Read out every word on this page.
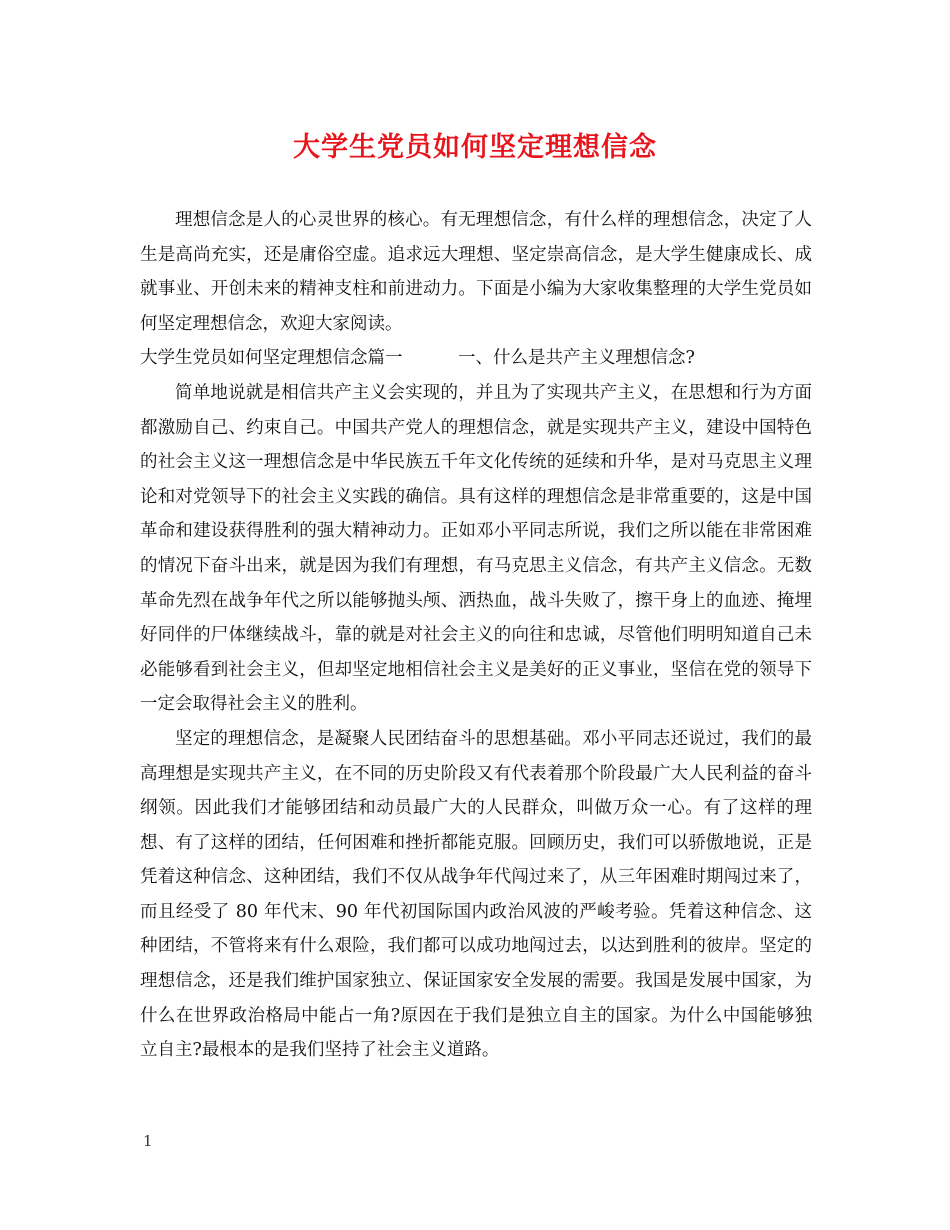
大学生党员如何坚定理想信念

理想信念是人的心灵世界的核心。有无理想信念，有什么样的理想信念，决定了人生是高尚充实，还是庸俗空虚。追求远大理想、坚定崇高信念，是大学生健康成长、成就事业、开创未来的精神支柱和前进动力。下面是小编为大家收集整理的大学生党员如何坚定理想信念，欢迎大家阅读。

大学生党员如何坚定理想信念篇一	一、什么是共产主义理想信念?

简单地说就是相信共产主义会实现的，并且为了实现共产主义，在思想和行为方面都激励自己、约束自己。中国共产党人的理想信念，就是实现共产主义，建设中国特色的社会主义这一理想信念是中华民族五千年文化传统的延续和升华，是对马克思主义理论和对党领导下的社会主义实践的确信。具有这样的理想信念是非常重要的，这是中国革命和建设获得胜利的强大精神动力。正如邓小平同志所说，我们之所以能在非常困难的情况下奋斗出来，就是因为我们有理想，有马克思主义信念，有共产主义信念。无数革命先烈在战争年代之所以能够抛头颅、洒热血，战斗失败了，擦干身上的血迹、掩埋好同伴的尸体继续战斗，靠的就是对社会主义的向往和忠诚，尽管他们明明知道自己未必能够看到社会主义，但却坚定地相信社会主义是美好的正义事业，坚信在党的领导下一定会取得社会主义的胜利。

坚定的理想信念，是凝聚人民团结奋斗的思想基础。邓小平同志还说过，我们的最高理想是实现共产主义，在不同的历史阶段又有代表着那个阶段最广大人民利益的奋斗纲领。因此我们才能够团结和动员最广大的人民群众，叫做万众一心。有了这样的理想、有了这样的团结，任何困难和挫折都能克服。回顾历史，我们可以骄傲地说，正是凭着这种信念、这种团结，我们不仅从战争年代闯过来了，从三年困难时期闯过来了，而且经受了 80 年代末、90 年代初国际国内政治风波的严峻考验。凭着这种信念、这种团结，不管将来有什么艰险，我们都可以成功地闯过去，以达到胜利的彼岸。坚定的理想信念，还是我们维护国家独立、保证国家安全发展的需要。我国是发展中国家，为什么在世界政治格局中能占一角?原因在于我们是独立自主的国家。为什么中国能够独立自主?最根本的是我们坚持了社会主义道路。

1
